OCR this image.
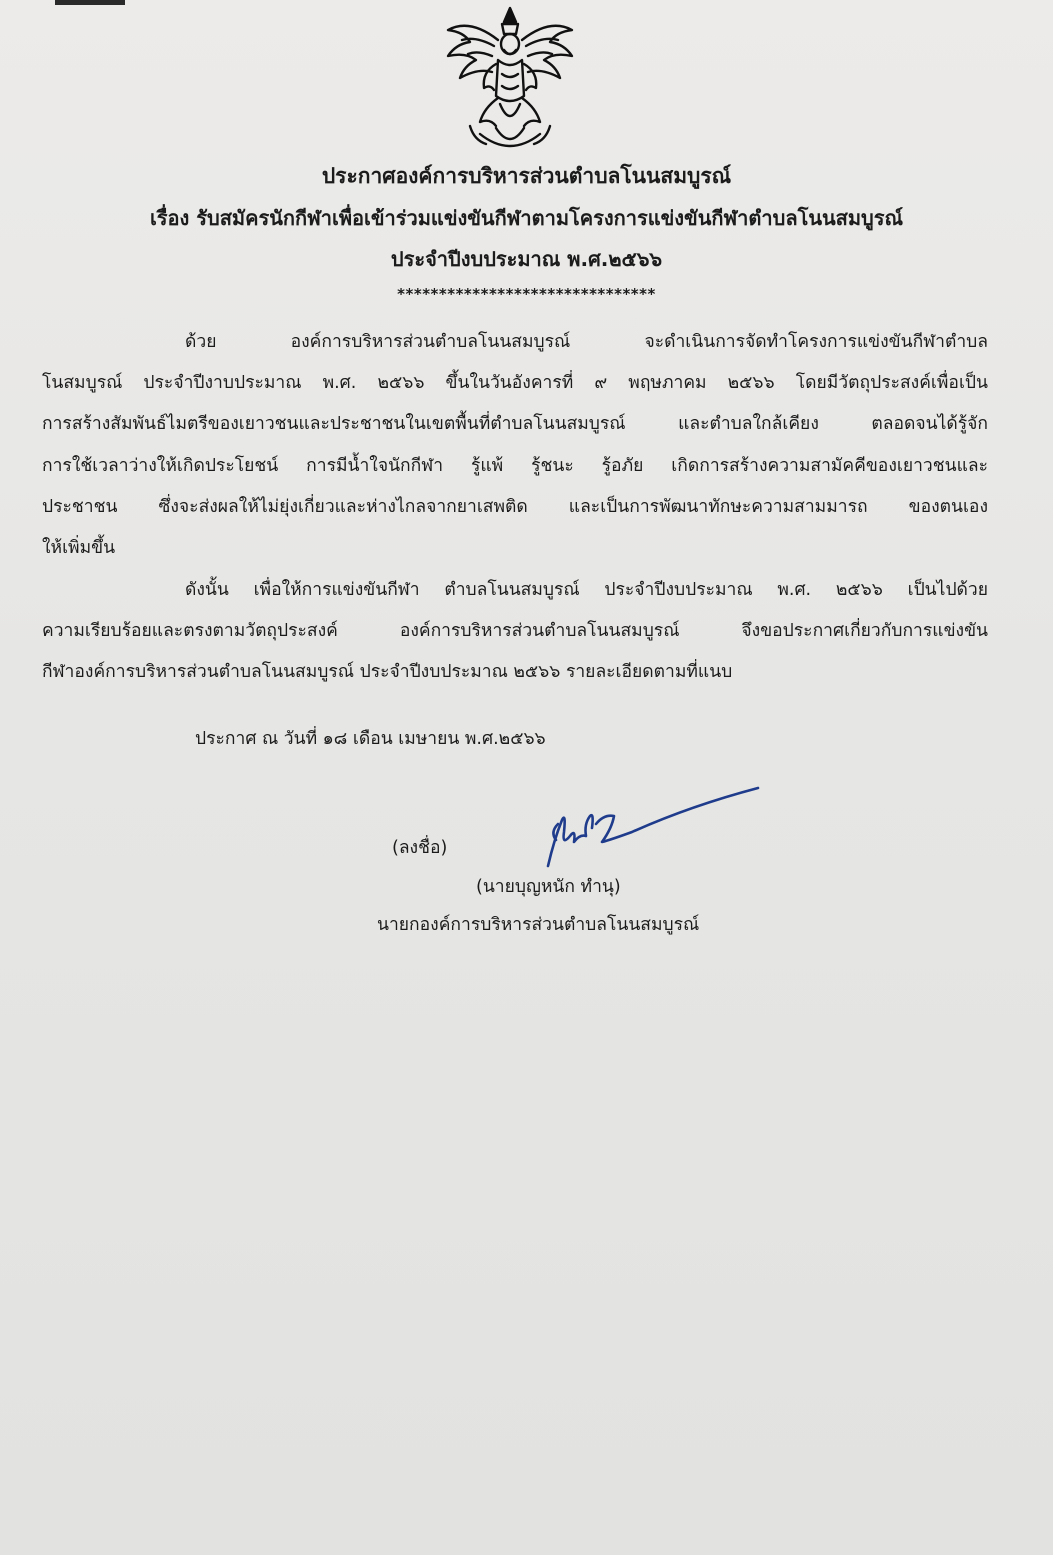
ประกาศองค์การบริหารส่วนตำบลโนนสมบูรณ์
เรื่อง รับสมัครนักกีฬาเพื่อเข้าร่วมแข่งขันกีฬาตามโครงการแข่งขันกีฬาตำบลโนนสมบูรณ์
ประจำปีงบประมาณ พ.ศ.๒๕๖๖
*******************************
ด้วย องค์การบริหารส่วนตำบลโนนสมบูรณ์ จะดำเนินการจัดทำโครงการแข่งขันกีฬาตำบล
โนสมบูรณ์ ประจำปีงาบประมาณ พ.ศ. ๒๕๖๖ ขึ้นในวันอังคารที่ ๙ พฤษภาคม ๒๕๖๖ โดยมีวัตถุประสงค์เพื่อเป็น
การสร้างสัมพันธ์ไมตรีของเยาวชนและประชาชนในเขตพื้นที่ตำบลโนนสมบูรณ์ และตำบลใกล้เคียง ตลอดจนได้รู้จัก
การใช้เวลาว่างให้เกิดประโยชน์ การมีน้ำใจนักกีฬา รู้แพ้ รู้ชนะ รู้อภัย เกิดการสร้างความสามัคคีของเยาวชนและ
ประชาชน ซึ่งจะส่งผลให้ไม่ยุ่งเกี่ยวและห่างไกลจากยาเสพติด และเป็นการพัฒนาทักษะความสามมารถ ของตนเอง
ให้เพิ่มขึ้น
ดังนั้น เพื่อให้การแข่งขันกีฬา ตำบลโนนสมบูรณ์ ประจำปีงบประมาณ พ.ศ. ๒๕๖๖ เป็นไปด้วย
ความเรียบร้อยและตรงตามวัตถุประสงค์ องค์การบริหารส่วนตำบลโนนสมบูรณ์ จึงขอประกาศเกี่ยวกับการแข่งขัน
กีฬาองค์การบริหารส่วนตำบลโนนสมบูรณ์ ประจำปีงบประมาณ ๒๕๖๖ รายละเอียดตามที่แนบ
ประกาศ ณ วันที่ ๑๘ เดือน เมษายน พ.ศ.๒๕๖๖
(ลงชื่อ)
(นายบุญหนัก ทำนุ)
นายกองค์การบริหารส่วนตำบลโนนสมบูรณ์
